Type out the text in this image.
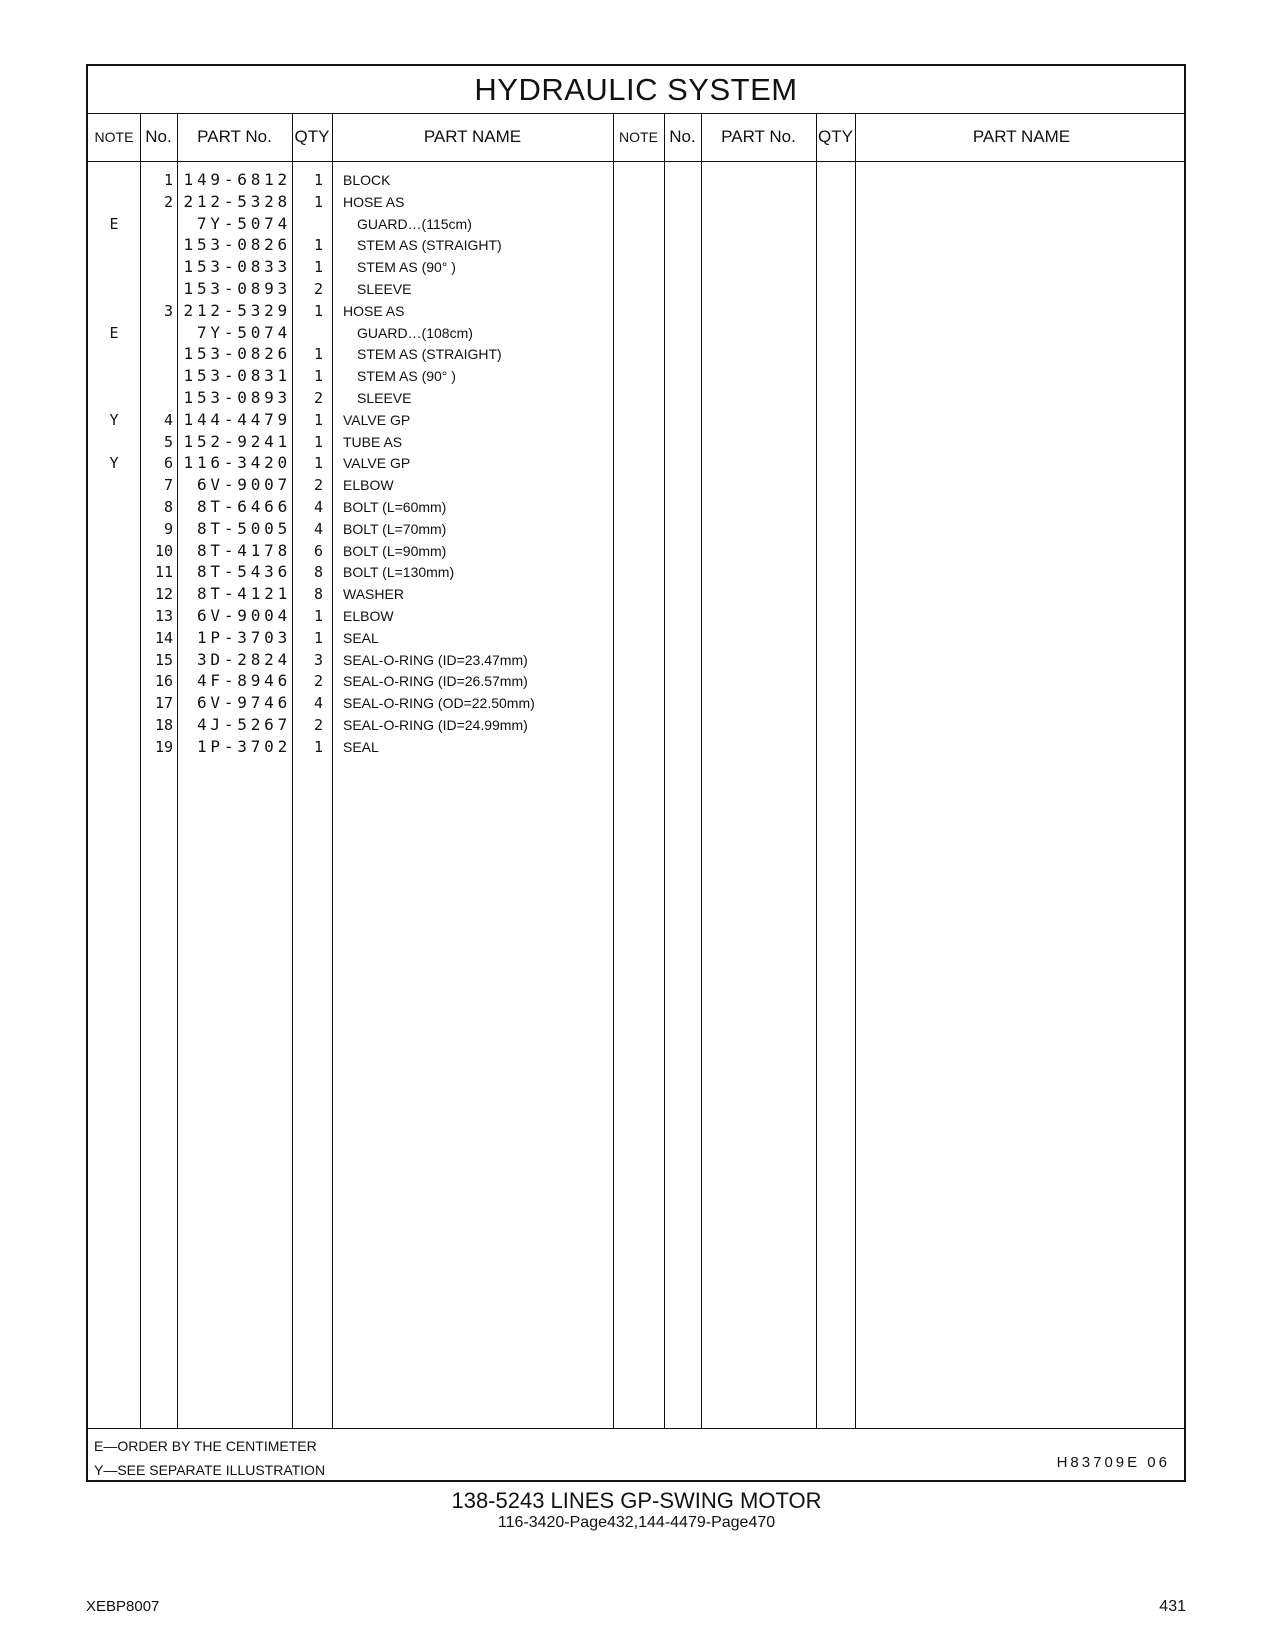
HYDRAULIC SYSTEM
NOTE No.	PART No.	QTY	PART NAME	NOTE No.	PART No.	QTY	PART NAME
1 149-6812	1 BLOCK
2 212-5328	1 HOSE AS
E	7Y-5074	GUARD…(115cm)
153-0826	1 STEM AS (STRAIGHT)
153-0833	1 STEM AS (90° )
153-0893	2 SLEEVE
3 212-5329	1 HOSE AS
E	7Y-5074	GUARD…(108cm)
153-0826	1 STEM AS (STRAIGHT)
153-0831	1 STEM AS (90° )
153-0893	2 SLEEVE
Y	4 144-4479	1 VALVE GP
5 152-9241	1 TUBE AS
Y	6 116-3420	1 VALVE GP
7	6V-9007	2 ELBOW
8	8T-6466	4 BOLT (L=60mm)
9	8T-5005	4 BOLT (L=70mm)
10	8T-4178	6 BOLT (L=90mm)
11	8T-5436	8 BOLT (L=130mm)
12	8T-4121	8 WASHER
13	6V-9004	1 ELBOW
14	1P-3703	1 SEAL
15	3D-2824	3 SEAL-O-RING (ID=23.47mm)
16	4F-8946	2 SEAL-O-RING (ID=26.57mm)
17	6V-9746	4 SEAL-O-RING (OD=22.50mm)
18	4J-5267	2 SEAL-O-RING (ID=24.99mm)
19	1P-3702	1 SEAL
E—ORDER BY THE CENTIMETER
Y—SEE SEPARATE ILLUSTRATION	H83709E 06
138-5243 LINES GP-SWING MOTOR
116-3420-Page432,144-4479-Page470
XEBP8007	431
